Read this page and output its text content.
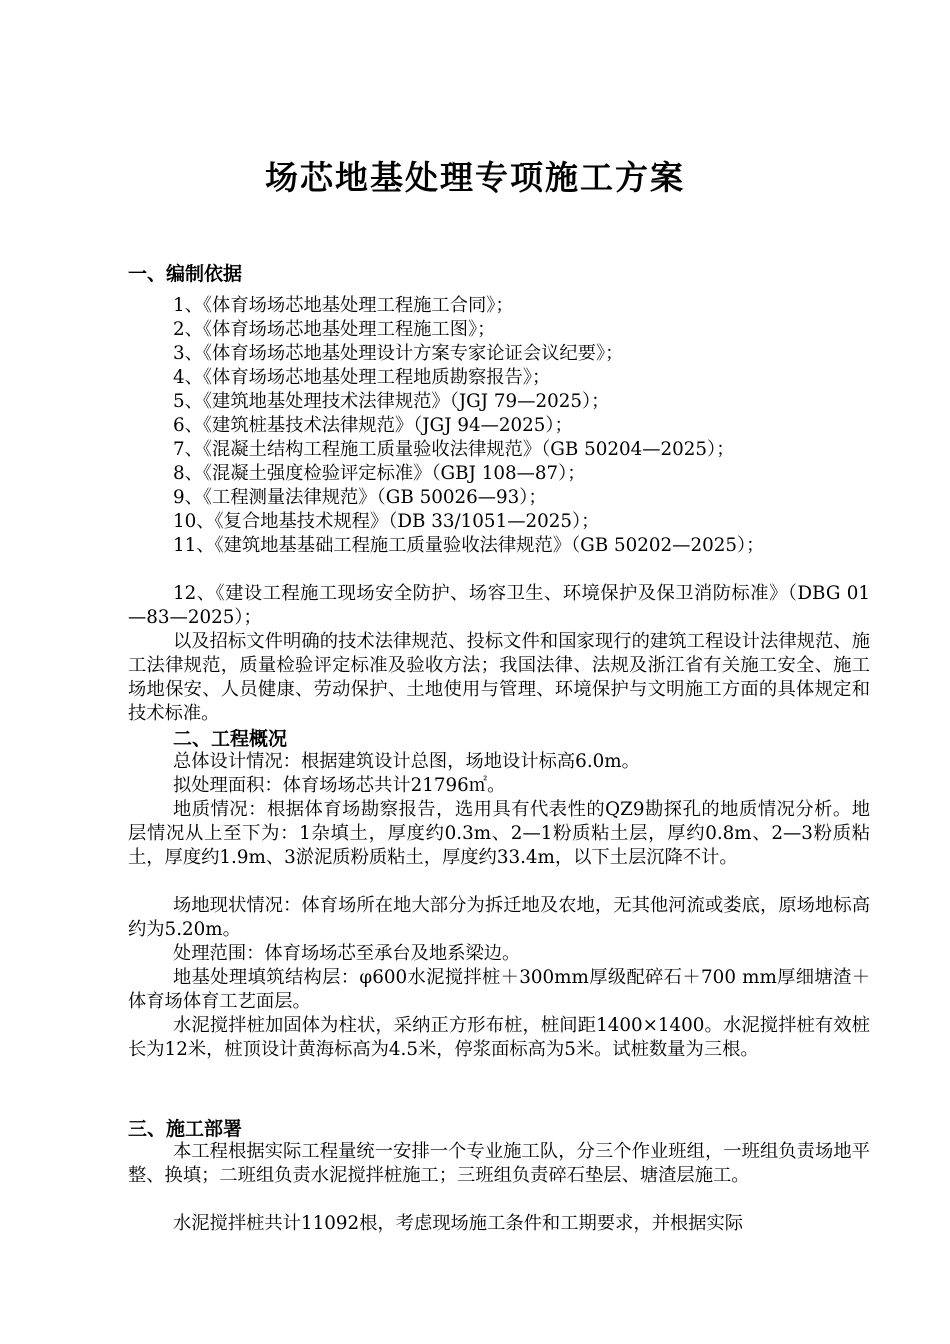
场芯地基处理专项施工方案
一、编制依据
1、《体育场场芯地基处理工程施工合同》；
2、《体育场场芯地基处理工程施工图》；
3、《体育场场芯地基处理设计方案专家论证会议纪要》；
4、《体育场场芯地基处理工程地质勘察报告》；
5、《建筑地基处理技术法律规范》（JGJ 79—2025）；
6、《建筑桩基技术法律规范》（JGJ 94—2025）；
7、《混凝土结构工程施工质量验收法律规范》（GB 50204—2025）；
8、《混凝土强度检验评定标准》（GBJ 108—87）；
9、《工程测量法律规范》（GB 50026—93）；
10、《复合地基技术规程》（DB 33/1051—2025）；
11、《建筑地基基础工程施工质量验收法律规范》（GB 50202—2025）；
12、《建设工程施工现场安全防护、场容卫生、环境保护及保卫消防标准》（DBG 01—83—2025）；
以及招标文件明确的技术法律规范、投标文件和国家现行的建筑工程设计法律规范、施工法律规范，质量检验评定标准及验收方法；我国法律、法规及浙江省有关施工安全、施工场地保安、人员健康、劳动保护、土地使用与管理、环境保护与文明施工方面的具体规定和技术标准。
二、工程概况
总体设计情况：根据建筑设计总图，场地设计标高6.0m。
拟处理面积：体育场场芯共计21796㎡。
地质情况：根据体育场勘察报告，选用具有代表性的QZ9勘探孔的地质情况分析。地层情况从上至下为：1杂填土，厚度约0.3m、2—1粉质粘土层，厚约0.8m、2—3粉质粘土，厚度约1.9m、3淤泥质粉质粘土，厚度约33.4m，以下土层沉降不计。
场地现状情况：体育场所在地大部分为拆迁地及农地，无其他河流或娄底，原场地标高约为5.20m。
处理范围：体育场场芯至承台及地系梁边。
地基处理填筑结构层：φ600水泥搅拌桩＋300mm厚级配碎石＋700 mm厚细塘渣＋体育场体育工艺面层。
水泥搅拌桩加固体为柱状，采纳正方形布桩，桩间距1400×1400。水泥搅拌桩有效桩长为12米，桩顶设计黄海标高为4.5米，停浆面标高为5米。试桩数量为三根。
三、施工部署
本工程根据实际工程量统一安排一个专业施工队，分三个作业班组，一班组负责场地平整、换填；二班组负责水泥搅拌桩施工；三班组负责碎石垫层、塘渣层施工。
水泥搅拌桩共计11092根，考虑现场施工条件和工期要求，并根据实际
